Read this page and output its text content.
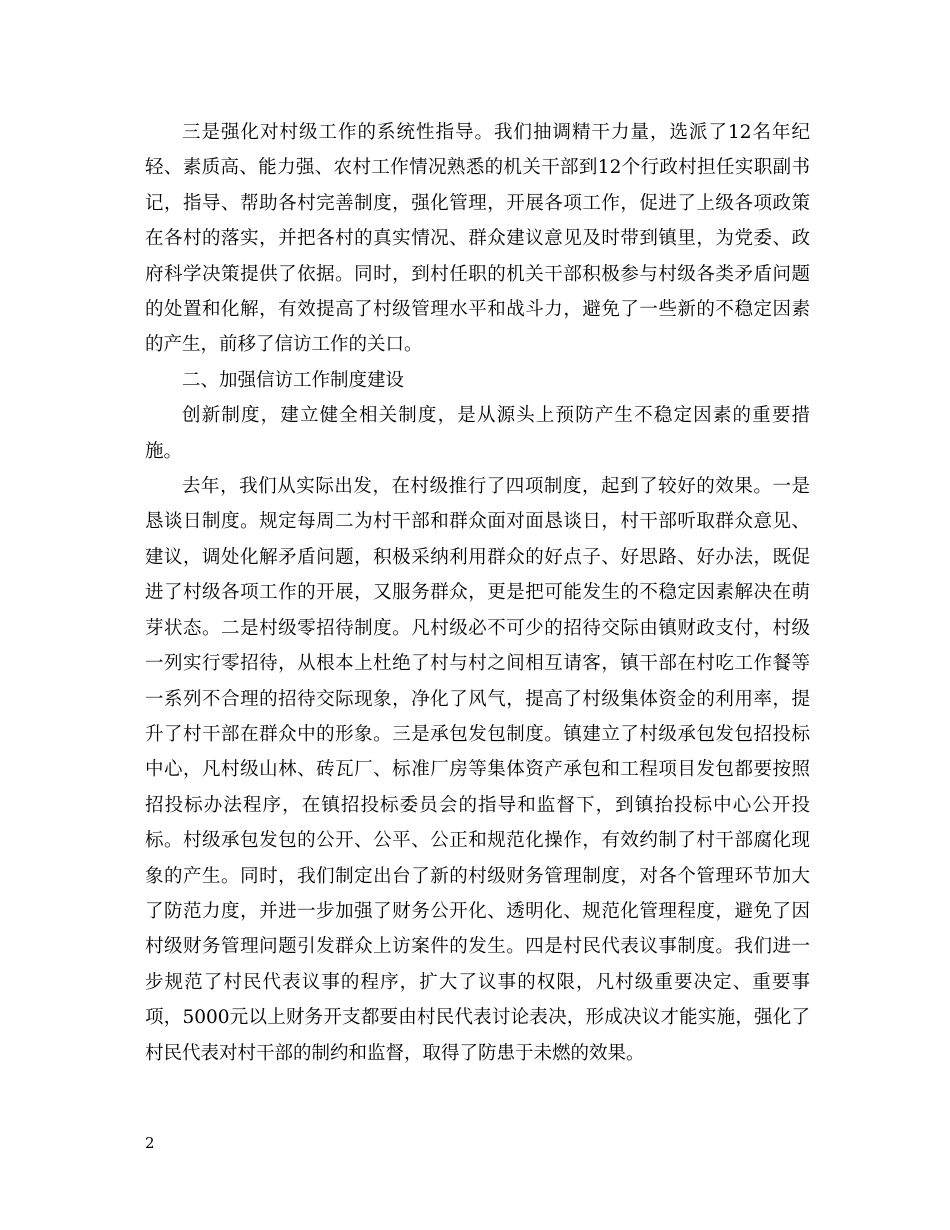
三是强化对村级工作的系统性指导。我们抽调精干力量，选派了12名年纪轻、素质高、能力强、农村工作情况熟悉的机关干部到12个行政村担任实职副书记，指导、帮助各村完善制度，强化管理，开展各项工作，促进了上级各项政策在各村的落实，并把各村的真实情况、群众建议意见及时带到镇里，为党委、政府科学决策提供了依据。同时，到村任职的机关干部积极参与村级各类矛盾问题的处置和化解，有效提高了村级管理水平和战斗力，避免了一些新的不稳定因素的产生，前移了信访工作的关口。

二、加强信访工作制度建设

创新制度，建立健全相关制度，是从源头上预防产生不稳定因素的重要措施。

去年，我们从实际出发，在村级推行了四项制度，起到了较好的效果。一是恳谈日制度。规定每周二为村干部和群众面对面恳谈日，村干部听取群众意见、建议，调处化解矛盾问题，积极采纳利用群众的好点子、好思路、好办法，既促进了村级各项工作的开展，又服务群众，更是把可能发生的不稳定因素解决在萌芽状态。二是村级零招待制度。凡村级必不可少的招待交际由镇财政支付，村级一列实行零招待，从根本上杜绝了村与村之间相互请客，镇干部在村吃工作餐等一系列不合理的招待交际现象，净化了风气，提高了村级集体资金的利用率，提升了村干部在群众中的形象。三是承包发包制度。镇建立了村级承包发包招投标中心，凡村级山林、砖瓦厂、标准厂房等集体资产承包和工程项目发包都要按照招投标办法程序，在镇招投标委员会的指导和监督下，到镇抬投标中心公开投标。村级承包发包的公开、公平、公正和规范化操作，有效约制了村干部腐化现象的产生。同时，我们制定出台了新的村级财务管理制度，对各个管理环节加大了防范力度，并进一步加强了财务公开化、透明化、规范化管理程度，避免了因村级财务管理问题引发群众上访案件的发生。四是村民代表议事制度。我们进一步规范了村民代表议事的程序，扩大了议事的权限，凡村级重要决定、重要事项，5000元以上财务开支都要由村民代表讨论表决，形成决议才能实施，强化了村民代表对村干部的制约和监督，取得了防患于未燃的效果。

2
